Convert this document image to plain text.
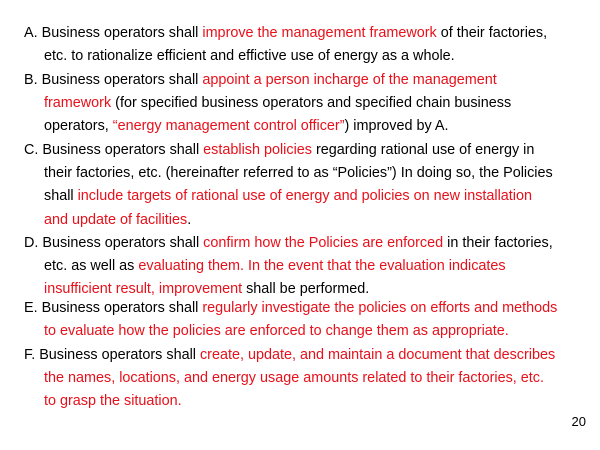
A. Business operators shall improve the management framework of their factories,
etc. to rationalize efficient and effictive use of energy as a whole.
B. Business operators shall appoint a person incharge of the management
framework (for specified business operators and specified chain business
operators, “energy management control officer”) improved by A.
C. Business operators shall establish policies regarding rational use of energy in
their factories, etc. (hereinafter referred to as “Policies”) In doing so, the Policies
shall include targets of rational use of energy and policies on new installation
and update of facilities.
D. Business operators shall confirm how the Policies are enforced in their factories,
etc. as well as evaluating them. In the event that the evaluation indicates
insufficient result, improvement shall be performed.
E. Business operators shall regularly investigate the policies on efforts and methods
to evaluate how the policies are enforced to change them as appropriate.
F. Business operators shall create, update, and maintain a document that describes
the names, locations, and energy usage amounts related to their factories, etc.
to grasp the situation.
20
